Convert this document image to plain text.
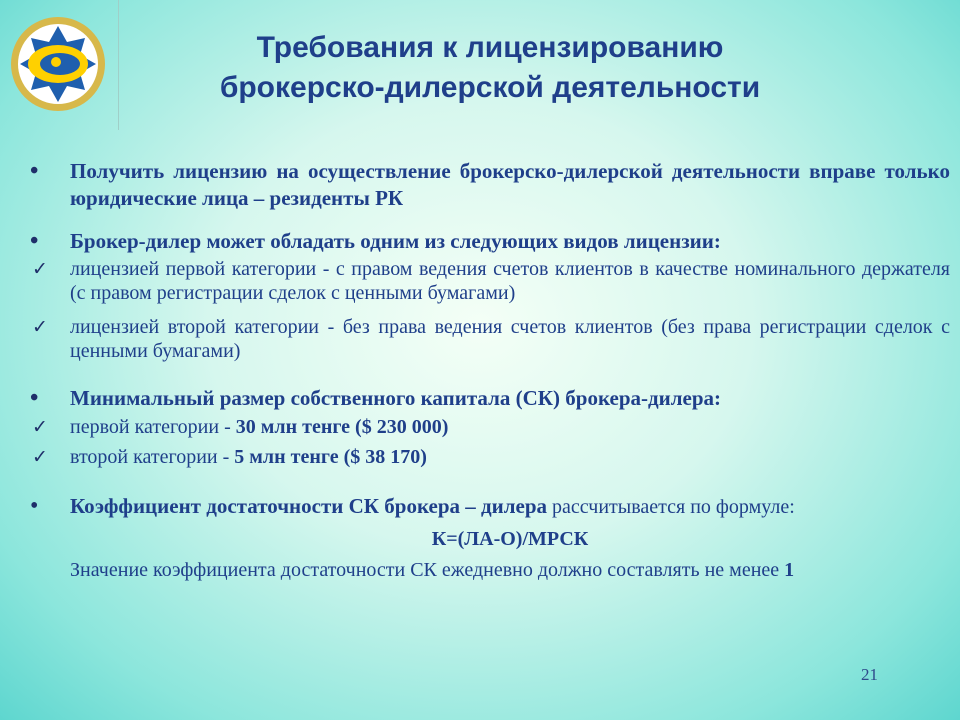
Требования к лицензированию
брокерско-дилерской деятельности
• Получить лицензию на осуществление брокерско-дилерской деятельности вправе только юридические лица – резиденты РК
• Брокер-дилер может обладать одним из следующих видов лицензии:
✓ лицензией первой категории - с правом ведения счетов клиентов в качестве номинального держателя (с правом регистрации сделок с ценными бумагами)
✓ лицензией второй категории - без права ведения счетов клиентов (без права регистрации сделок с ценными бумагами)
• Минимальный размер собственного капитала (СК) брокера-дилера:
✓ первой категории - 30 млн тенге ($ 230 000)
✓ второй категории - 5 млн тенге ($ 38 170)
• Коэффициент достаточности СК брокера – дилера рассчитывается по формуле:
К=(ЛА-О)/МРСК
Значение коэффициента достаточности СК ежедневно должно составлять не менее 1
21
